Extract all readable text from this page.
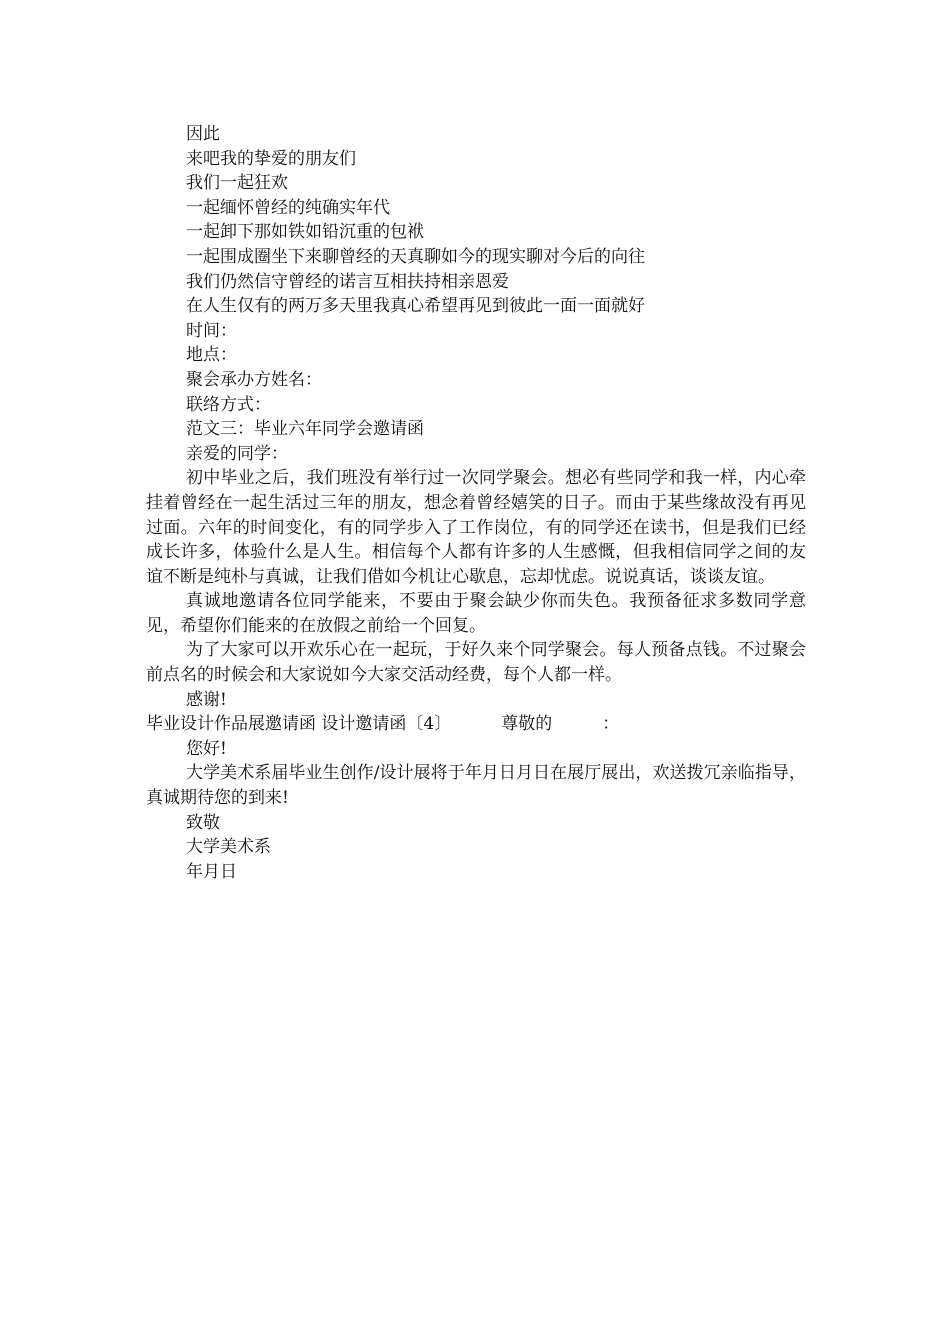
因此

来吧我的挚爱的朋友们

我们一起狂欢

一起缅怀曾经的纯确实年代

一起卸下那如铁如铅沉重的包袱

一起围成圈坐下来聊曾经的天真聊如今的现实聊对今后的向往

我们仍然信守曾经的诺言互相扶持相亲恩爱

在人生仅有的两万多天里我真心希望再见到彼此一面一面就好

时间：

地点：

聚会承办方姓名：

联络方式：

范文三：毕业六年同学会邀请函

亲爱的同学：

初中毕业之后，我们班没有举行过一次同学聚会。想必有些同学和我一样，内心牵挂着曾经在一起生活过三年的朋友，想念着曾经嬉笑的日子。而由于某些缘故没有再见过面。六年的时间变化，有的同学步入了工作岗位，有的同学还在读书，但是我们已经成长许多，体验什么是人生。相信每个人都有许多的人生感慨，但我相信同学之间的友谊不断是纯朴与真诚，让我们借如今机让心歇息，忘却忧虑。说说真话，谈谈友谊。

真诚地邀请各位同学能来，不要由于聚会缺少你而失色。我预备征求多数同学意见，希望你们能来的在放假之前给一个回复。

为了大家可以开欢乐心在一起玩，于好久来个同学聚会。每人预备点钱。不过聚会前点名的时候会和大家说如今大家交活动经费，每个人都一样。

感谢!

毕业设计作品展邀请函 设计邀请函〔4〕	尊敬的	：

您好!

大学美术系届毕业生创作/设计展将于年月日月日在展厅展出，欢送拨冗亲临指导，真诚期待您的到来!

致敬

大学美术系

年月日
